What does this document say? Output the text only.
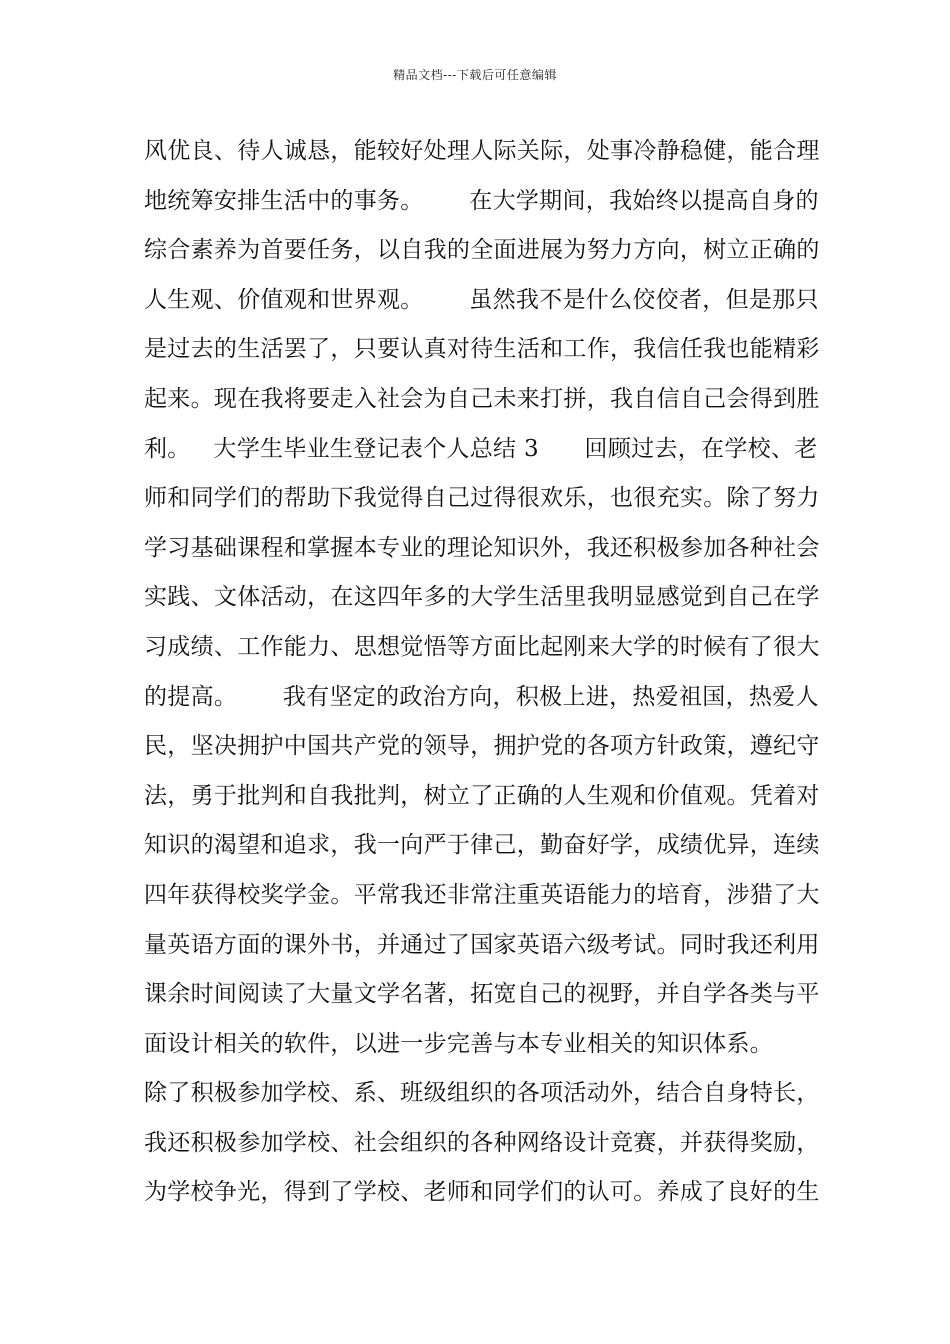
精品文档---下载后可任意编辑
风优良、待人诚恳，能较好处理人际关际，处事冷静稳健，能合理
地统筹安排生活中的事务。      在大学期间，我始终以提高自身的
综合素养为首要任务，以自我的全面进展为努力方向，树立正确的
人生观、价值观和世界观。      虽然我不是什么佼佼者，但是那只
是过去的生活罢了，只要认真对待生活和工作，我信任我也能精彩
起来。现在我将要走入社会为自己未来打拼，我自信自己会得到胜
利。   大学生毕业生登记表个人总结 3      回顾过去，在学校、老
师和同学们的帮助下我觉得自己过得很欢乐，也很充实。除了努力
学习基础课程和掌握本专业的理论知识外，我还积极参加各种社会
实践、文体活动，在这四年多的大学生活里我明显感觉到自己在学
习成绩、工作能力、思想觉悟等方面比起刚来大学的时候有了很大
的提高。      我有坚定的政治方向，积极上进，热爱祖国，热爱人
民，坚决拥护中国共产党的领导，拥护党的各项方针政策，遵纪守
法，勇于批判和自我批判，树立了正确的人生观和价值观。凭着对
知识的渴望和追求，我一向严于律己，勤奋好学，成绩优异，连续
四年获得校奖学金。平常我还非常注重英语能力的培育，涉猎了大
量英语方面的课外书，并通过了国家英语六级考试。同时我还利用
课余时间阅读了大量文学名著，拓宽自己的视野，并自学各类与平
面设计相关的软件，以进一步完善与本专业相关的知识体系。
除了积极参加学校、系、班级组织的各项活动外，结合自身特长，
我还积极参加学校、社会组织的各种网络设计竞赛，并获得奖励，
为学校争光，得到了学校、老师和同学们的认可。养成了良好的生
